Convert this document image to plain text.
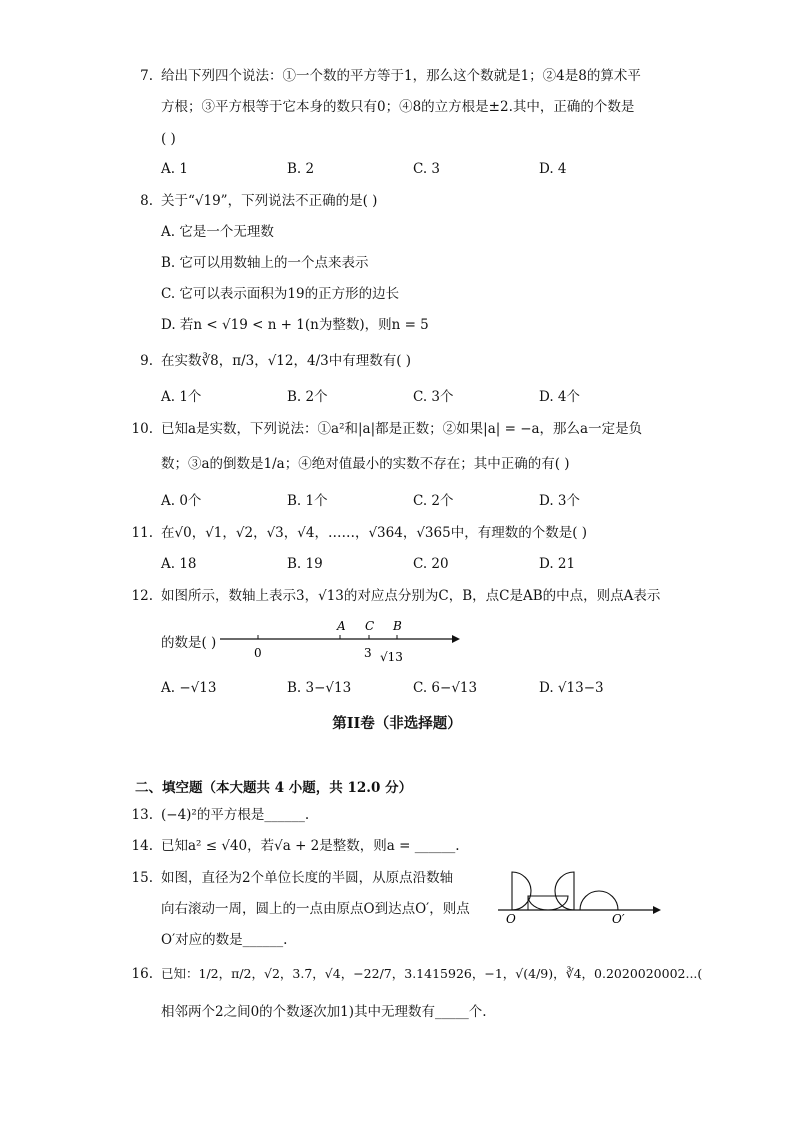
7. 给出下列四个说法：①一个数的平方等于1，那么这个数就是1；②4是8的算术平
方根；③平方根等于它本身的数只有0；④8的立方根是±2.其中，正确的个数是
( )
A. 1	B. 2	C. 3	D. 4
8. 关于“√19”，下列说法不正确的是( )
A. 它是一个无理数
B. 它可以用数轴上的一个点来表示
C. 它可以表示面积为19的正方形的边长
D. 若n < √19 < n + 1(n为整数)，则n = 5
9. 在实数∛8，π/3，√12，4/3中有理数有( )
A. 1个	B. 2个	C. 3个	D. 4个
10. 已知a是实数，下列说法：①a²和|a|都是正数；②如果|a| = −a，那么a一定是负
数；③a的倒数是1/a；④绝对值最小的实数不存在；其中正确的有( )
A. 0个	B. 1个	C. 2个	D. 3个
11. 在√0，√1，√2，√3，√4，……，√364，√365中，有理数的个数是( )
A. 18	B. 19	C. 20	D. 21
12. 如图所示，数轴上表示3，√13的对应点分别为C，B，点C是AB的中点，则点A表示
的数是( )
A. −√13	B. 3−√13	C. 6−√13	D. √13−3
A C B
0	3 √13
第II卷（非选择题）
二、填空题（本大题共 4 小题，共 12.0 分）
13. (−4)²的平方根是______.
14. 已知a² ≤ √40，若√a + 2是整数，则a = ______.
15. 如图，直径为2个单位长度的半圆，从原点沿数轴
向右滚动一周，圆上的一点由原点O到达点O′，则点
O′对应的数是______.
O	O′
16. 已知：1/2，π/2，√2，3.7̇，√4，−22/7，3.1415926，−1，√(4/9)，∛4，0.2020020002...(
相邻两个2之间0的个数逐次加1)其中无理数有_____个.
